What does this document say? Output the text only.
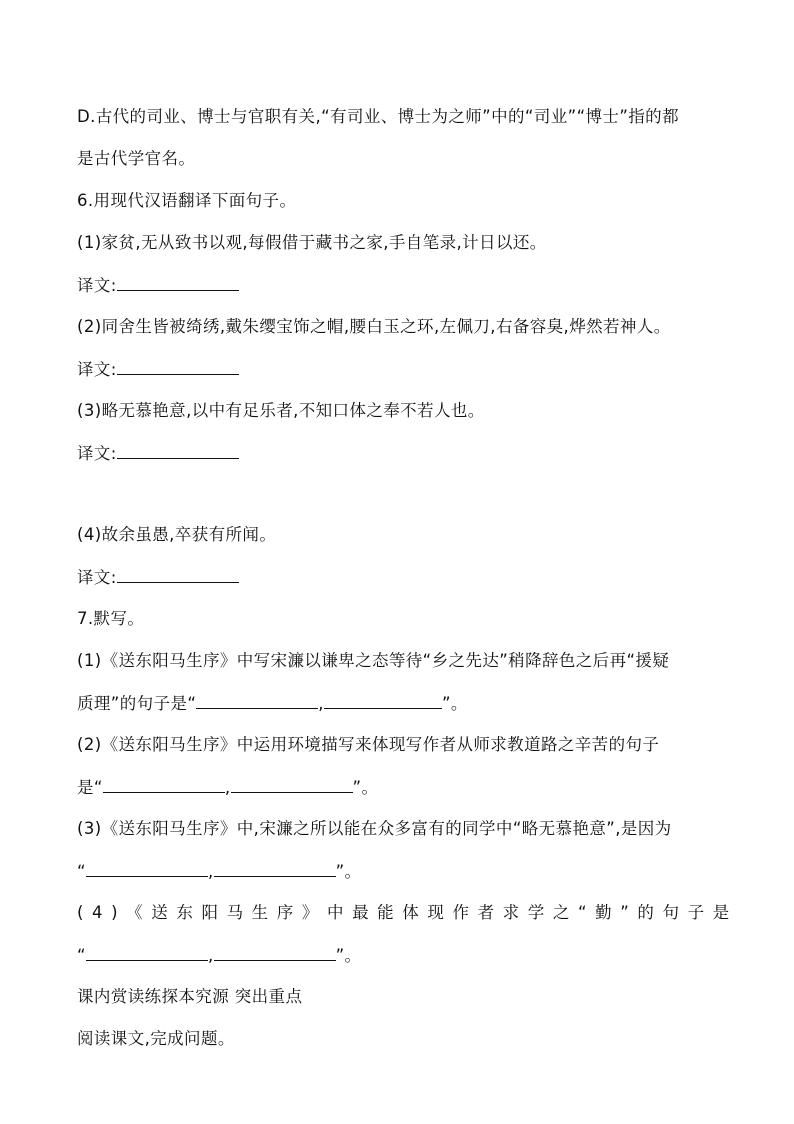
D.古代的司业、博士与官职有关,“有司业、博士为之师”中的“司业”“博士”指的都
是古代学官名。
6.用现代汉语翻译下面句子。
(1)家贫,无从致书以观,每假借于藏书之家,手自笔录,计日以还。
译文:
(2)同舍生皆被绮绣,戴朱缨宝饰之帽,腰白玉之环,左佩刀,右备容臭,烨然若神人。
译文:
(3)略无慕艳意,以中有足乐者,不知口体之奉不若人也。
译文:
(4)故余虽愚,卒获有所闻。
译文:
7.默写。
(1)《送东阳马生序》中写宋濂以谦卑之态等待“乡之先达”稍降辞色之后再“援疑
质理”的句子是“	,	”。
(2)《送东阳马生序》中运用环境描写来体现写作者从师求教道路之辛苦的句子
是“	,	”。
(3)《送东阳马生序》中,宋濂之所以能在众多富有的同学中“略无慕艳意”,是因为
“	,	”。
(4)《送东阳马生序》中最能体现作者求学之“勤”的句子是
“	,	”。
课内赏读练探本究源 突出重点
阅读课文,完成问题。
